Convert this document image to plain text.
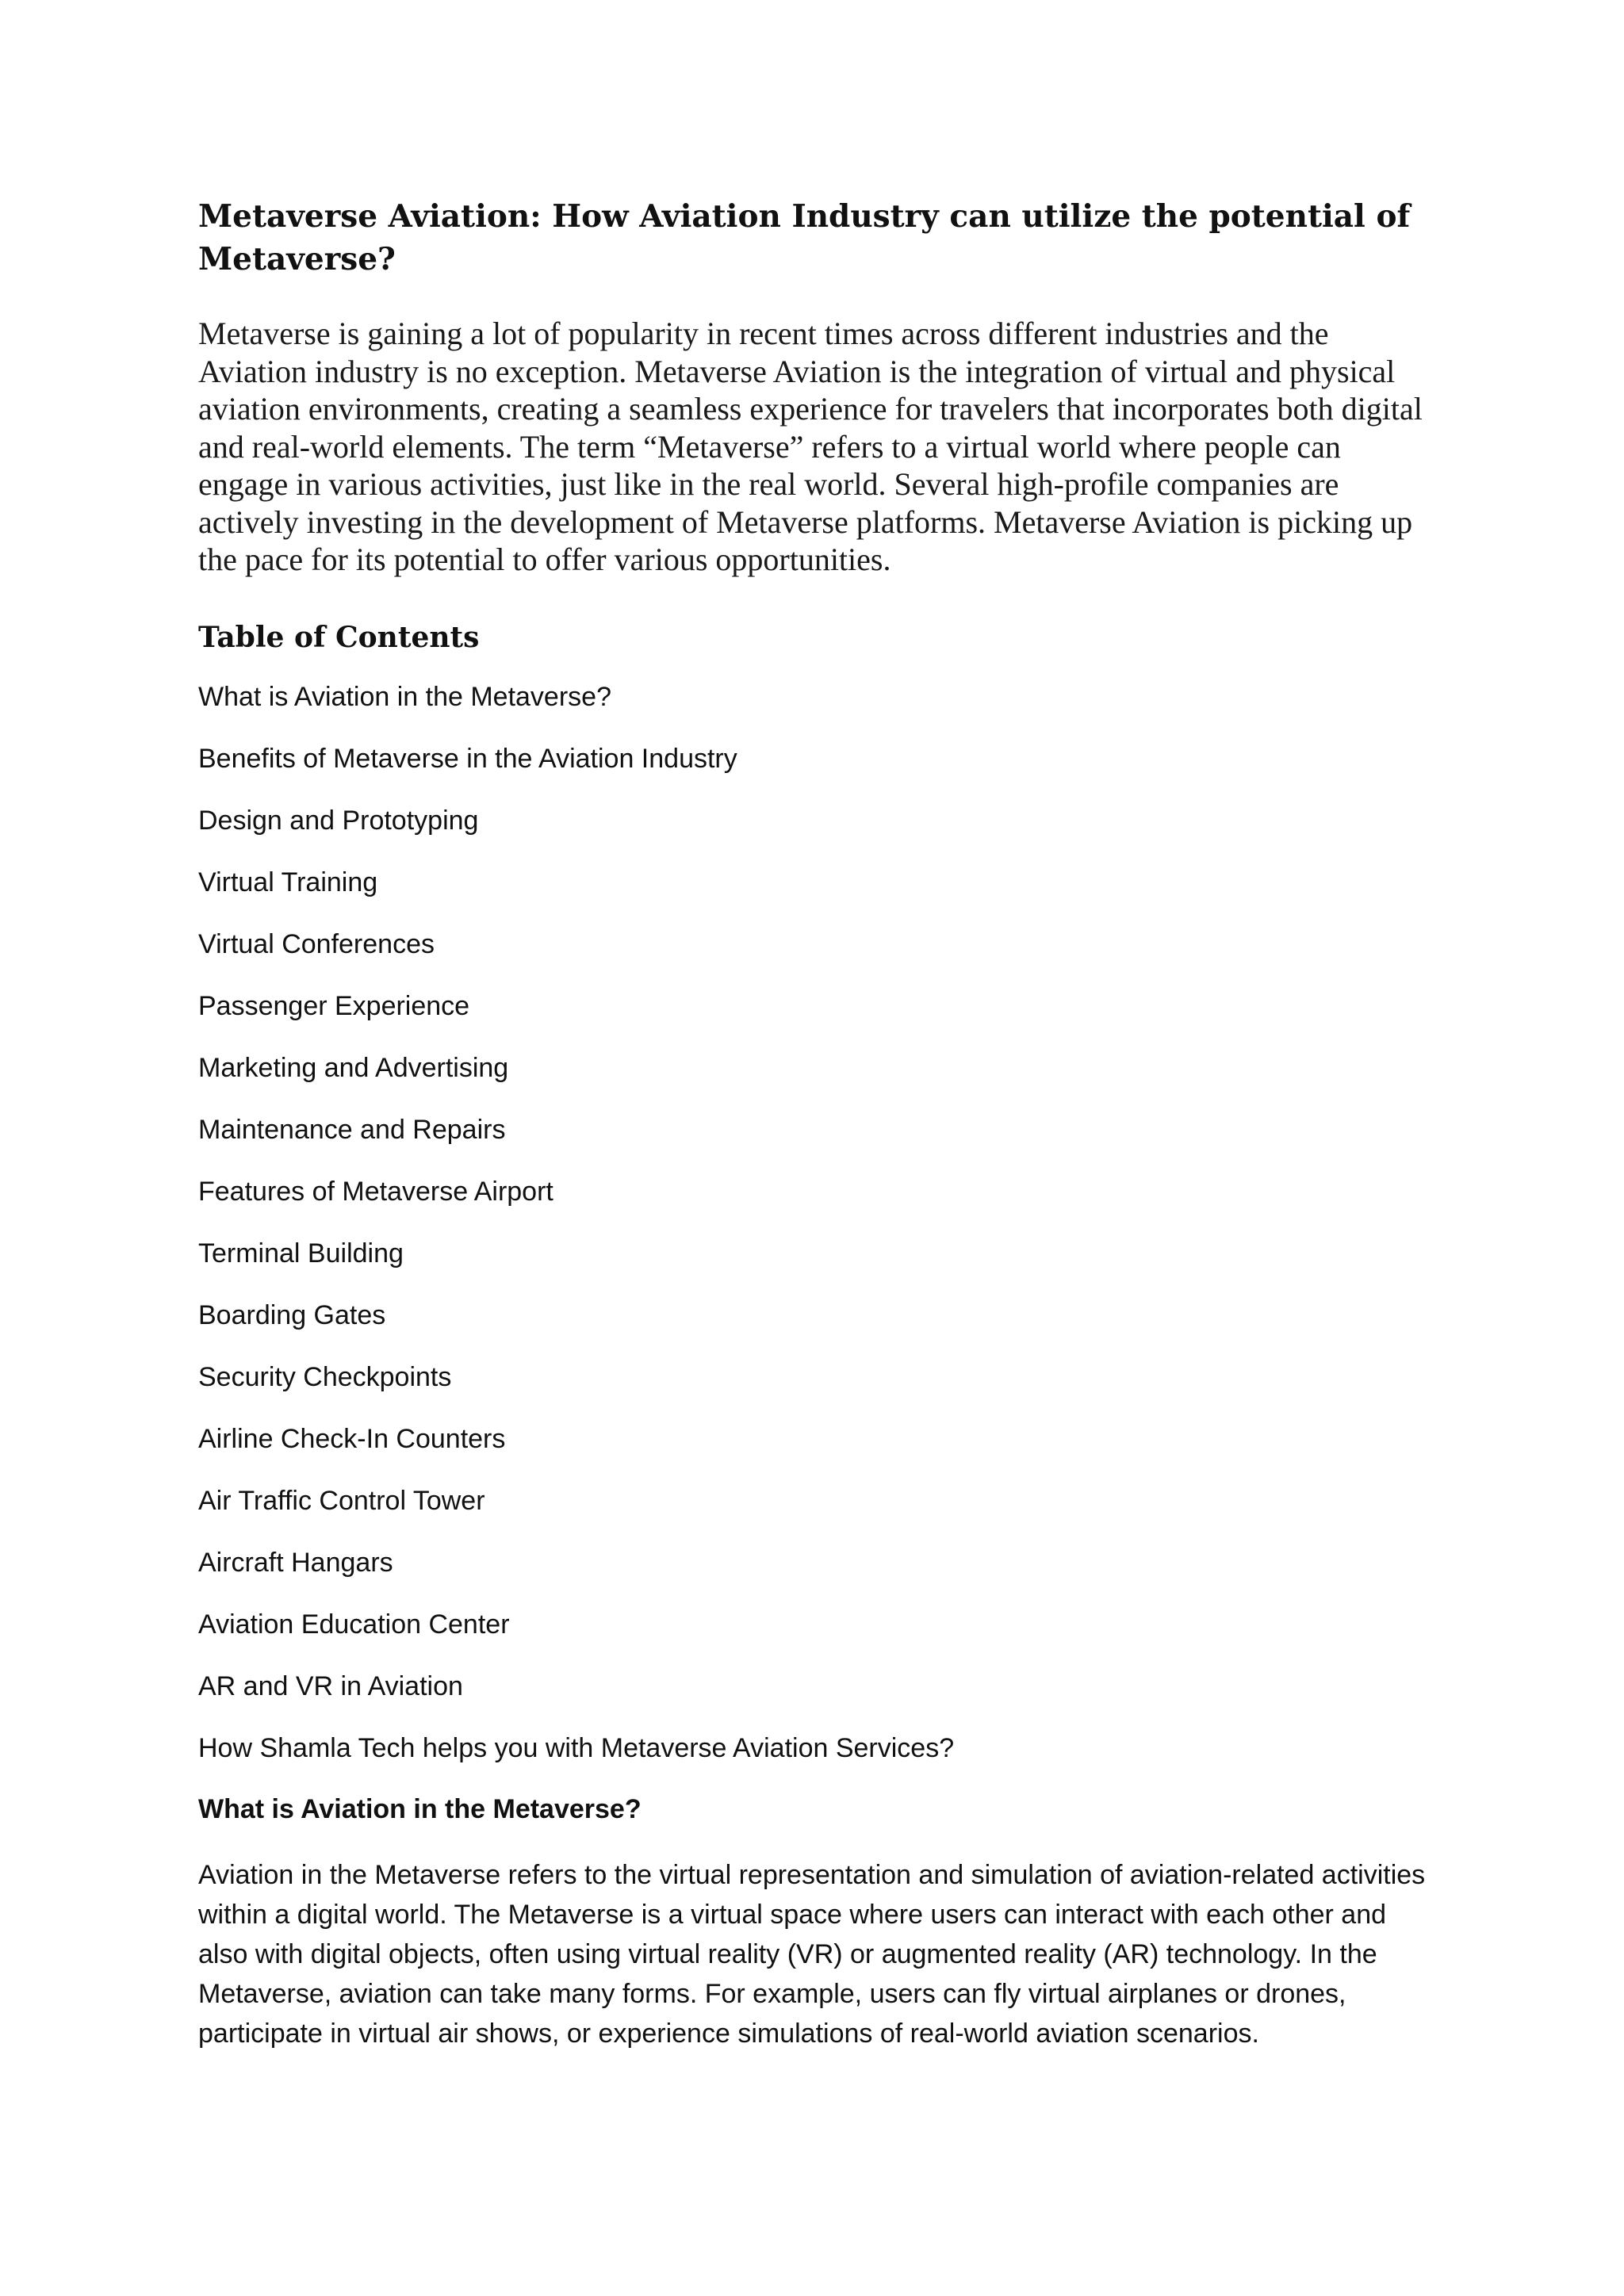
Metaverse Aviation: How Aviation Industry can utilize the potential of Metaverse?

Metaverse is gaining a lot of popularity in recent times across different industries and the Aviation industry is no exception. Metaverse Aviation is the integration of virtual and physical aviation environments, creating a seamless experience for travelers that incorporates both digital and real-world elements. The term “Metaverse” refers to a virtual world where people can engage in various activities, just like in the real world. Several high-profile companies are actively investing in the development of Metaverse platforms. Metaverse Aviation is picking up the pace for its potential to offer various opportunities.

Table of Contents
What is Aviation in the Metaverse?
Benefits of Metaverse in the Aviation Industry
Design and Prototyping
Virtual Training
Virtual Conferences
Passenger Experience
Marketing and Advertising
Maintenance and Repairs
Features of Metaverse Airport
Terminal Building
Boarding Gates
Security Checkpoints
Airline Check-In Counters
Air Traffic Control Tower
Aircraft Hangars
Aviation Education Center
AR and VR in Aviation
How Shamla Tech helps you with Metaverse Aviation Services?
What is Aviation in the Metaverse?

Aviation in the Metaverse refers to the virtual representation and simulation of aviation-related activities within a digital world. The Metaverse is a virtual space where users can interact with each other and also with digital objects, often using virtual reality (VR) or augmented reality (AR) technology. In the Metaverse, aviation can take many forms. For example, users can fly virtual airplanes or drones, participate in virtual air shows, or experience simulations of real-world aviation scenarios.
